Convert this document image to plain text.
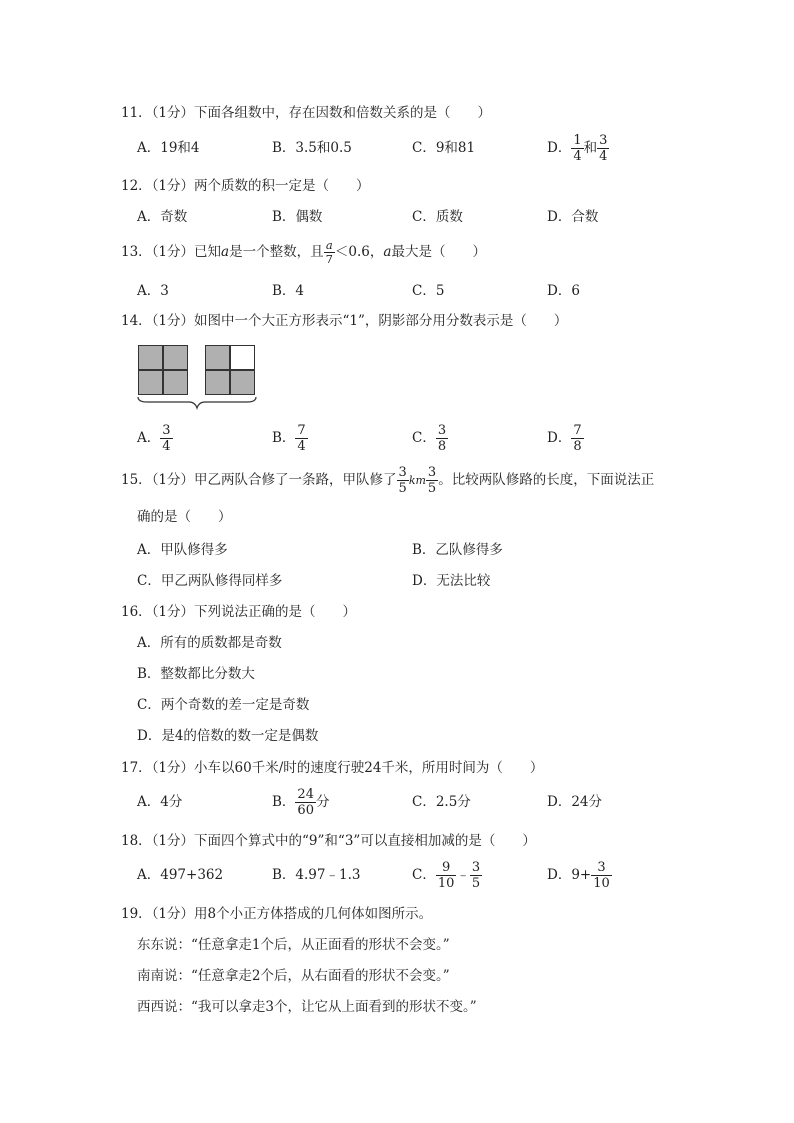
11．（1分）下面各组数中，存在因数和倍数关系的是（　　）
A．19和4	B．3.5和0.5	C．9和81	D． $\frac{1}{4}$ 和 $\frac{3}{4}$
12．（1分）两个质数的积一定是（　　）
A．奇数	B．偶数	C．质数	D．合数
13．（1分）已知a是一个整数，且 $\frac{a}{7} <0.6$，a最大是（　　）
A．3	B．4	C．5	D．6
14．（1分）如图中一个大正方形表示“1”，阴影部分用分数表示是（　　）
A． $\frac{3}{4}$	B． $\frac{7}{4}$	C． $\frac{3}{8}$	D． $\frac{7}{8}$
15．（1分）甲乙两队合修了一条路，甲队修了 $\frac{3}{5}$ km $\frac{3}{5}$ 。比较两队修路的长度，下面说法正
确的是（　　）
A．甲队修得多	B．乙队修得多
C．甲乙两队修得同样多	D．无法比较
16．（1分）下列说法正确的是（　　）
A．所有的质数都是奇数
B．整数都比分数大
C．两个奇数的差一定是奇数
D．是4的倍数的数一定是偶数
17．（1分）小车以60千米/时的速度行驶24千米，所用时间为（　　）
A．4分	B． $\frac{24}{60}$ 分	C．2.5分	D．24分
18．（1分）下面四个算式中的“9”和“3”可以直接相加减的是（　　）
A．497+362	B．4.97﹣1.3	C． $\frac{9}{10}$ ﹣ $\frac{3}{5}$	D．$9+ \frac{3}{10}$
19．（1分）用8个小正方体搭成的几何体如图所示。
东东说：“任意拿走1个后，从正面看的形状不会变。”
南南说：“任意拿走2个后，从右面看的形状不会变。”
西西说：“我可以拿走3个，让它从上面看到的形状不变。”
